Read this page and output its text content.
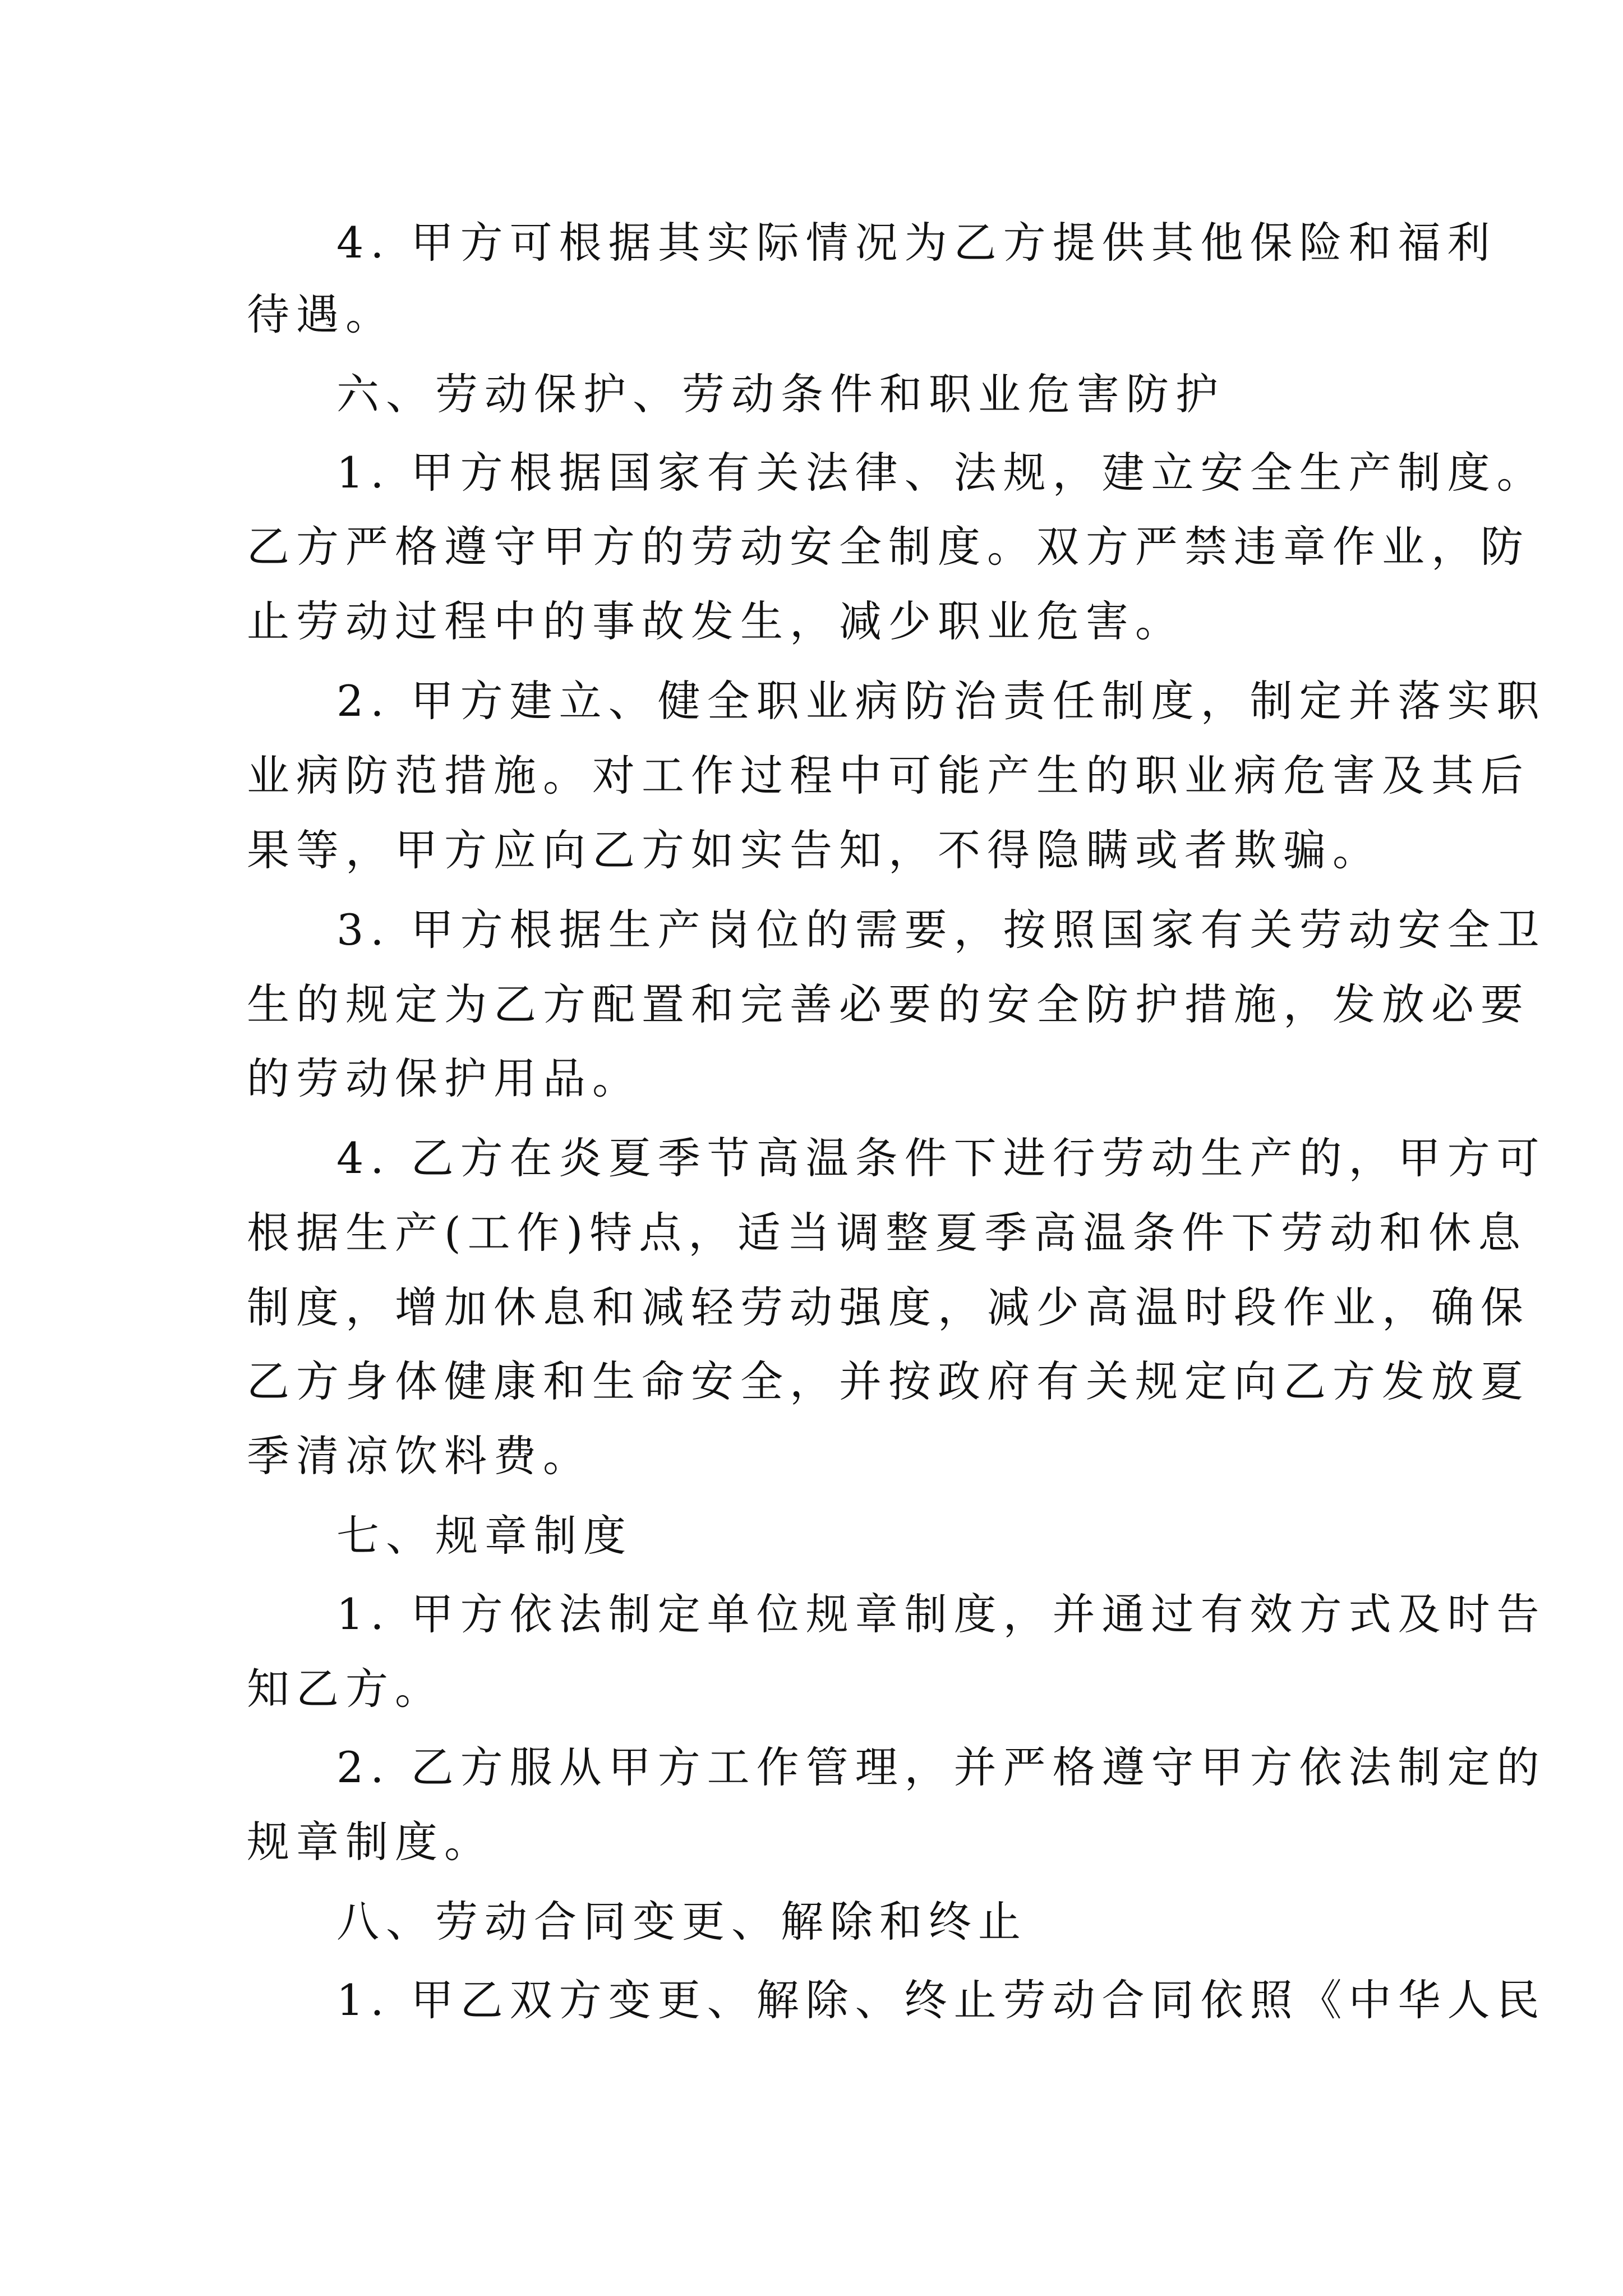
4. 甲方可根据其实际情况为乙方提供其他保险和福利
待遇。
六、劳动保护、劳动条件和职业危害防护
1. 甲方根据国家有关法律、法规，建立安全生产制度。
乙方严格遵守甲方的劳动安全制度。双方严禁违章作业，防
止劳动过程中的事故发生，减少职业危害。
2. 甲方建立、健全职业病防治责任制度，制定并落实职
业病防范措施。对工作过程中可能产生的职业病危害及其后
果等，甲方应向乙方如实告知，不得隐瞒或者欺骗。
3. 甲方根据生产岗位的需要，按照国家有关劳动安全卫
生的规定为乙方配置和完善必要的安全防护措施，发放必要
的劳动保护用品。
4. 乙方在炎夏季节高温条件下进行劳动生产的，甲方可
根据生产(工作)特点，适当调整夏季高温条件下劳动和休息
制度，增加休息和减轻劳动强度，减少高温时段作业，确保
乙方身体健康和生命安全，并按政府有关规定向乙方发放夏
季清凉饮料费。
七、规章制度
1. 甲方依法制定单位规章制度，并通过有效方式及时告
知乙方。
2. 乙方服从甲方工作管理，并严格遵守甲方依法制定的
规章制度。
八、劳动合同变更、解除和终止
1. 甲乙双方变更、解除、终止劳动合同依照《中华人民
